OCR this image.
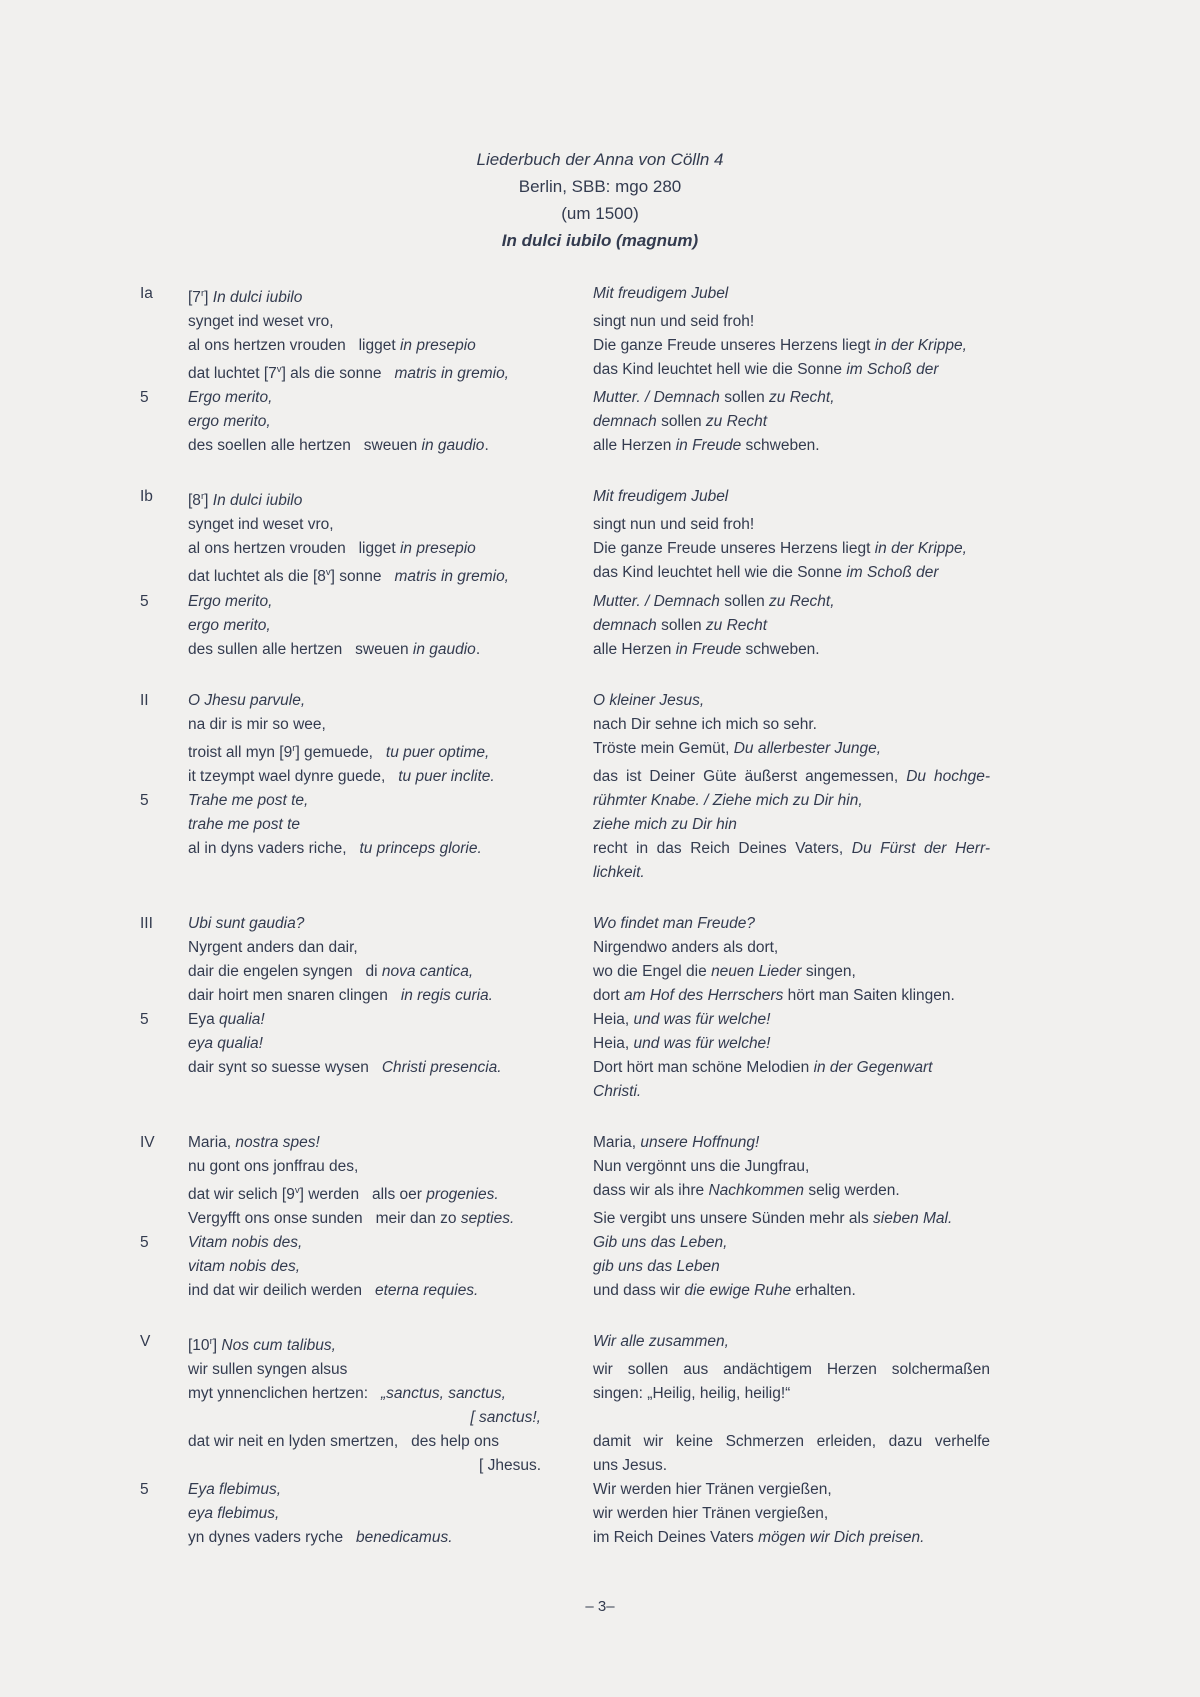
Liederbuch der Anna von Cölln 4
Berlin, SBB: mgo 280
(um 1500)
In dulci iubilo (magnum)
Ia	[7$^r$] In dulci iubilo	Mit freudigem Jubel
synget ind weset vro,	singt nun und seid froh!
al ons hertzen vrouden   ligget in presepio	Die ganze Freude unseres Herzens liegt in der Krippe,
dat luchtet [7$^v$] als die sonne   matris in gremio,	das Kind leuchtet hell wie die Sonne im Schoß der
5	Ergo merito,	Mutter. / Demnach sollen zu Recht,
ergo merito,	demnach sollen zu Recht
des soellen alle hertzen   sweuen in gaudio.	alle Herzen in Freude schweben.
Ib	[8$^r$] In dulci iubilo	Mit freudigem Jubel
synget ind weset vro,	singt nun und seid froh!
al ons hertzen vrouden   ligget in presepio	Die ganze Freude unseres Herzens liegt in der Krippe,
dat luchtet als die [8$^v$] sonne   matris in gremio,	das Kind leuchtet hell wie die Sonne im Schoß der
5	Ergo merito,	Mutter. / Demnach sollen zu Recht,
ergo merito,	demnach sollen zu Recht
des sullen alle hertzen   sweuen in gaudio.	alle Herzen in Freude schweben.
II	O Jhesu parvule,	O kleiner Jesus,
na dir is mir so wee,	nach Dir sehne ich mich so sehr.
troist all myn [9$^r$] gemuede,   tu puer optime,	Tröste mein Gemüt, Du allerbester Junge,
it tzeympt wael dynre guede,   tu puer inclite.	das ist Deiner Güte äußerst angemessen, Du hochge-
5	Trahe me post te,	rühmter Knabe. / Ziehe mich zu Dir hin,
trahe me post te	ziehe mich zu Dir hin
al in dyns vaders riche,   tu princeps glorie.	recht in das Reich Deines Vaters, Du Fürst der Herr-
lichkeit.
III	Ubi sunt gaudia?	Wo findet man Freude?
Nyrgent anders dan dair,	Nirgendwo anders als dort,
dair die engelen syngen   di nova cantica,	wo die Engel die neuen Lieder singen,
dair hoirt men snaren clingen   in regis curia.	dort am Hof des Herrschers hört man Saiten klingen.
5	Eya qualia!	Heia, und was für welche!
eya qualia!	Heia, und was für welche!
dair synt so suesse wysen   Christi presencia.	Dort hört man schöne Melodien in der Gegenwart
Christi.
IV	Maria, nostra spes!	Maria, unsere Hoffnung!
nu gont ons jonffrau des,	Nun vergönnt uns die Jungfrau,
dat wir selich [9$^v$] werden   alls oer progenies.	dass wir als ihre Nachkommen selig werden.
Vergyfft ons onse sunden   meir dan zo septies.	Sie vergibt uns unsere Sünden mehr als sieben Mal.
5	Vitam nobis des,	Gib uns das Leben,
vitam nobis des,	gib uns das Leben
ind dat wir deilich werden   eterna requies.	und dass wir die ewige Ruhe erhalten.
V	[10$^r$] Nos cum talibus,	Wir alle zusammen,
wir sullen syngen alsus	wir sollen aus andächtigem Herzen solchermaßen
myt ynnenclichen hertzen:   „sanctus, sanctus,	singen: „Heilig, heilig, heilig!“
[ sanctus!,
dat wir neit en lyden smertzen,   des help ons	damit wir keine Schmerzen erleiden, dazu verhelfe
[ Jhesus.	uns Jesus.
5	Eya flebimus,	Wir werden hier Tränen vergießen,
eya flebimus,	wir werden hier Tränen vergießen,
yn dynes vaders ryche   benedicamus.	im Reich Deines Vaters mögen wir Dich preisen.
– 3–
